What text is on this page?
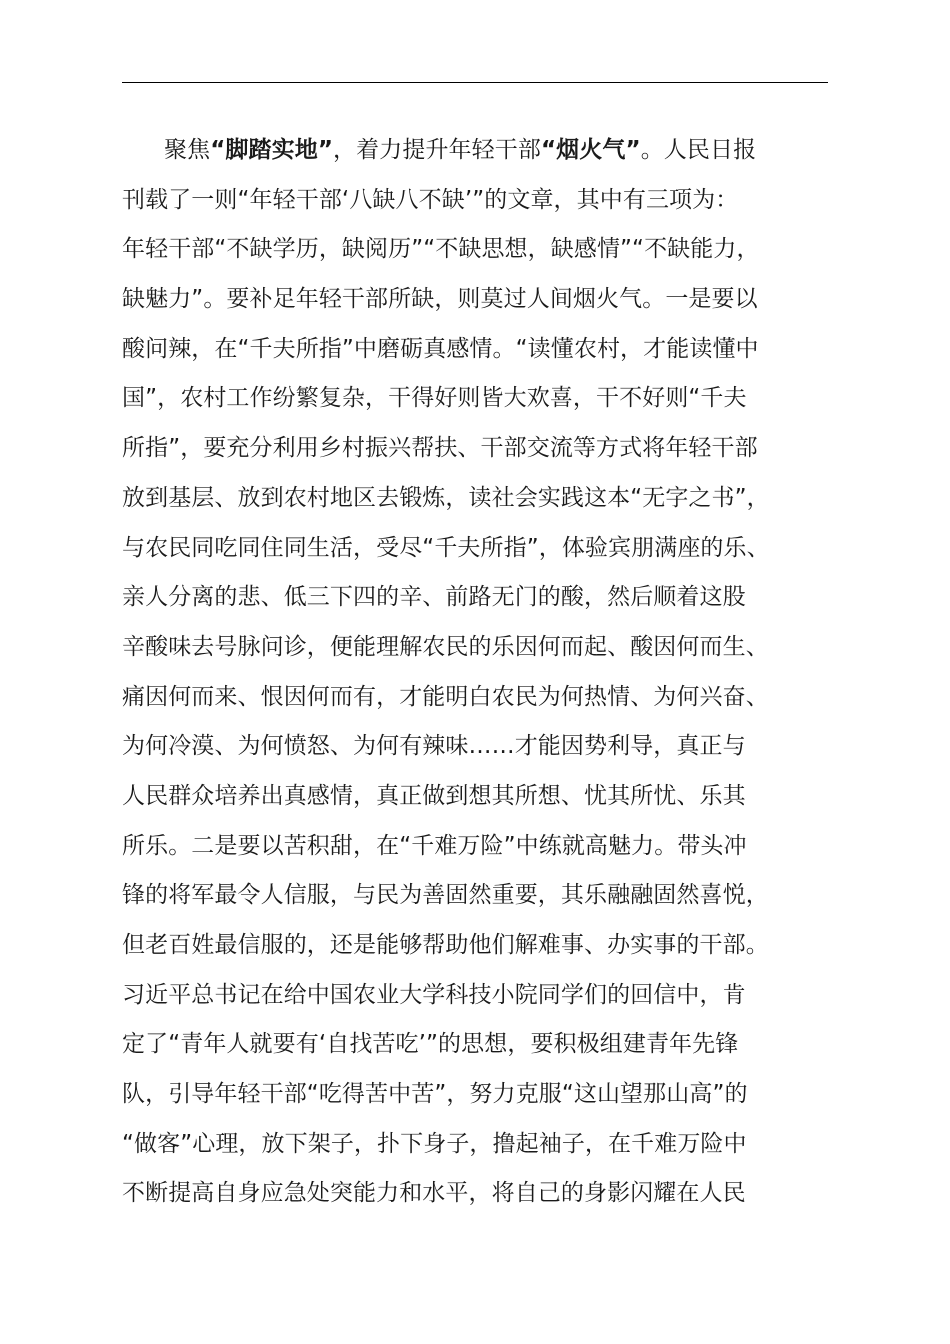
聚焦“脚踏实地”，着力提升年轻干部“烟火气”。人民日报
刊载了一则“年轻干部‘八缺八不缺’”的文章，其中有三项为：
年轻干部“不缺学历，缺阅历”“不缺思想，缺感情”“不缺能力，
缺魅力”。要补足年轻干部所缺，则莫过人间烟火气。一是要以
酸问辣，在“千夫所指”中磨砺真感情。“读懂农村，才能读懂中
国”，农村工作纷繁复杂，干得好则皆大欢喜，干不好则“千夫
所指”，要充分利用乡村振兴帮扶、干部交流等方式将年轻干部
放到基层、放到农村地区去锻炼，读社会实践这本“无字之书”，
与农民同吃同住同生活，受尽“千夫所指”，体验宾朋满座的乐、
亲人分离的悲、低三下四的辛、前路无门的酸，然后顺着这股
辛酸味去号脉问诊，便能理解农民的乐因何而起、酸因何而生、
痛因何而来、恨因何而有，才能明白农民为何热情、为何兴奋、
为何冷漠、为何愤怒、为何有辣味……才能因势利导，真正与
人民群众培养出真感情，真正做到想其所想、忧其所忧、乐其
所乐。二是要以苦积甜，在“千难万险”中练就高魅力。带头冲
锋的将军最令人信服，与民为善固然重要，其乐融融固然喜悦，
但老百姓最信服的，还是能够帮助他们解难事、办实事的干部。
习近平总书记在给中国农业大学科技小院同学们的回信中，肯
定了“青年人就要有‘自找苦吃’”的思想，要积极组建青年先锋
队，引导年轻干部“吃得苦中苦”，努力克服“这山望那山高”的
“做客”心理，放下架子，扑下身子，撸起袖子，在千难万险中
不断提高自身应急处突能力和水平，将自己的身影闪耀在人民
